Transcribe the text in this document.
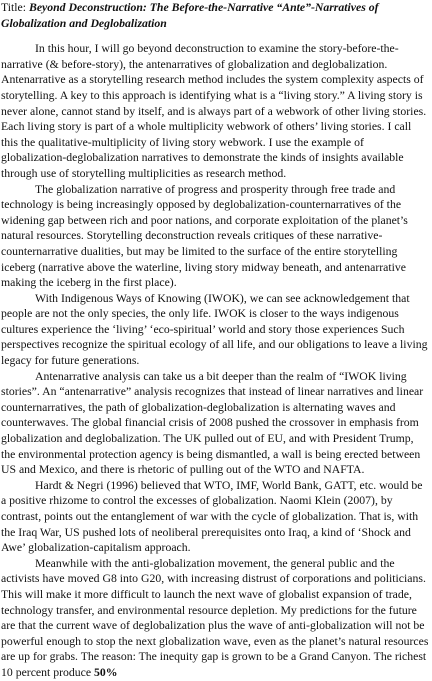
Title: Beyond Deconstruction: The Before-the-Narrative “Ante”-Narratives of Globalization and Deglobalization

In this hour, I will go beyond deconstruction to examine the story-before-the-narrative (& before-story), the antenarratives of globalization and deglobalization. Antenarrative as a storytelling research method includes the system complexity aspects of storytelling. A key to this approach is identifying what is a “living story.” A living story is never alone, cannot stand by itself, and is always part of a webwork of other living stories. Each living story is part of a whole multiplicity webwork of others’ living stories. I call this the qualitative-multiplicity of living story webwork. I use the example of globalization-deglobalization narratives to demonstrate the kinds of insights available through use of storytelling multiplicities as research method.

The globalization narrative of progress and prosperity through free trade and technology is being increasingly opposed by deglobalization-counternarratives of the widening gap between rich and poor nations, and corporate exploitation of the planet’s natural resources. Storytelling deconstruction reveals critiques of these narrative-counternarrative dualities, but may be limited to the surface of the entire storytelling iceberg (narrative above the waterline, living story midway beneath, and antenarrative making the iceberg in the first place).

With Indigenous Ways of Knowing (IWOK), we can see acknowledgement that people are not the only species, the only life. IWOK is closer to the ways indigenous cultures experience the ‘living’ ‘eco-spiritual’ world and story those experiences Such perspectives recognize the spiritual ecology of all life, and our obligations to leave a living legacy for future generations.

Antenarrative analysis can take us a bit deeper than the realm of “IWOK living stories”. An “antenarrative” analysis recognizes that instead of linear narratives and linear counternarratives, the path of globalization-deglobalization is alternating waves and counterwaves. The global financial crisis of 2008 pushed the crossover in emphasis from globalization and deglobalization. The UK pulled out of EU, and with President Trump, the environmental protection agency is being dismantled, a wall is being erected between US and Mexico, and there is rhetoric of pulling out of the WTO and NAFTA.

Hardt & Negri (1996) believed that WTO, IMF, World Bank, GATT, etc. would be a positive rhizome to control the excesses of globalization. Naomi Klein (2007), by contrast, points out the entanglement of war with the cycle of globalization. That is, with the Iraq War, US pushed lots of neoliberal prerequisites onto Iraq, a kind of ‘Shock and Awe’ globalization-capitalism approach.

Meanwhile with the anti-globalization movement, the general public and the activists have moved G8 into G20, with increasing distrust of corporations and politicians. This will make it more difficult to launch the next wave of globalist expansion of trade, technology transfer, and environmental resource depletion. My predictions for the future are that the current wave of deglobalization plus the wave of anti-globalization will not be powerful enough to stop the next globalization wave, even as the planet’s natural resources are up for grabs. The reason: The inequity gap is grown to be a Grand Canyon. The richest 10 percent produce 50%
